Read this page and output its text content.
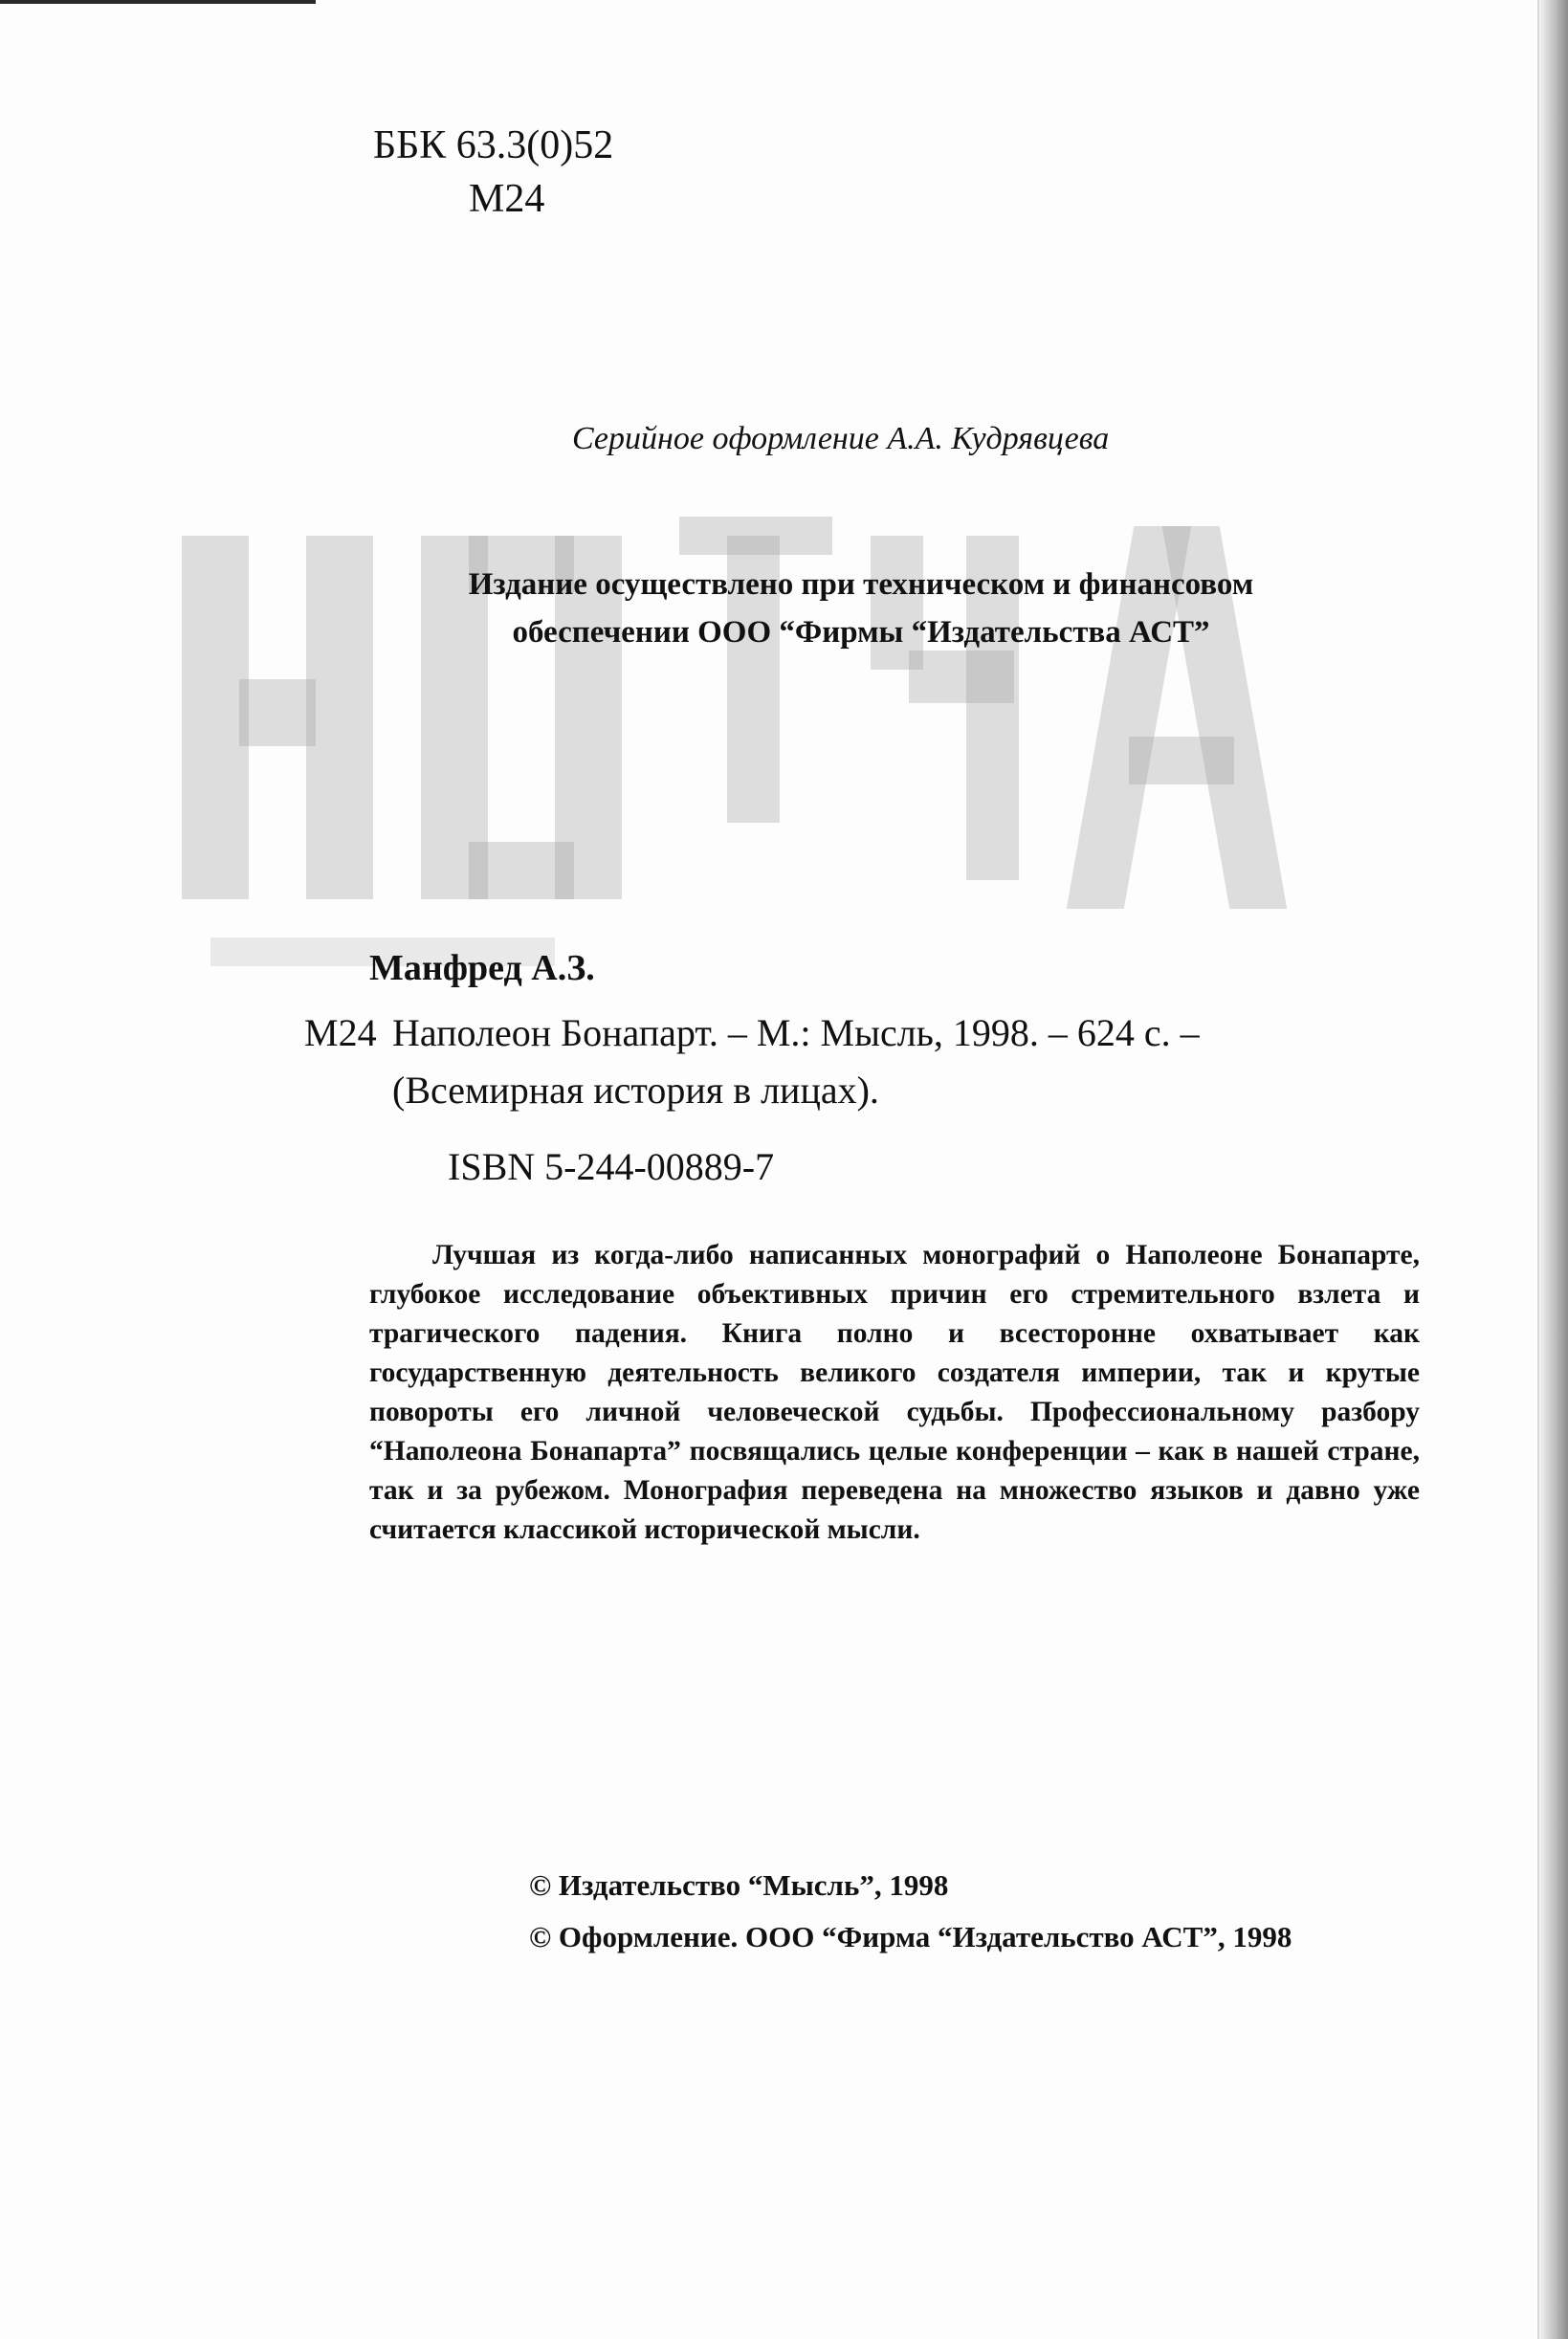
ББК 63.3(0)52
М24
Серийное оформление А.А. Кудрявцева
Издание осуществлено при техническом и финансовом
обеспечении ООО “Фирмы “Издательства АСТ”
Манфред А.З.
М24 Наполеон Бонапарт. – М.: Мысль, 1998. – 624 с. –
(Всемирная история в лицах).
ISBN 5-244-00889-7
Лучшая из когда-либо написанных монографий о Наполеоне Бонапарте, глубокое исследование объективных причин его стремительного взлета и трагического падения. Книга полно и всесторонне охватывает как государственную деятельность великого создателя империи, так и крутые повороты его личной человеческой судьбы. Профессиональному разбору “Наполеона Бонапарта” посвящались целые конференции – как в нашей стране, так и за рубежом. Монография переведена на множество языков и давно уже считается классикой исторической мысли.
© Издательство “Мысль”, 1998
© Оформление. ООО “Фирма “Издательство АСТ”, 1998
